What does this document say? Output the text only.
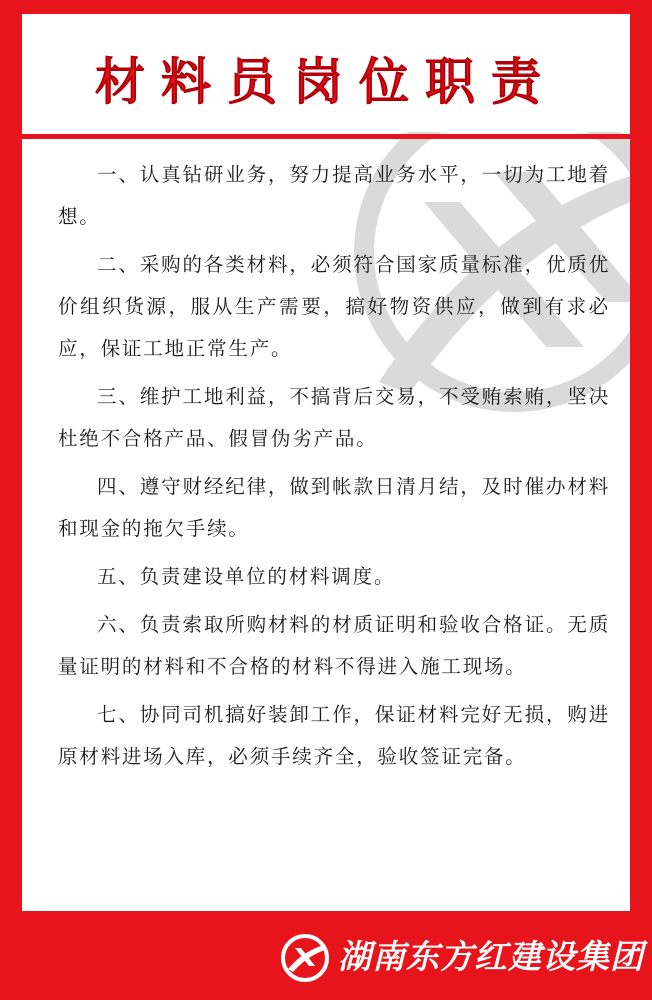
材料员岗位职责

一、认真钻研业务，努力提高业务水平，一切为工地着想。

二、采购的各类材料，必须符合国家质量标准，优质优价组织货源，服从生产需要，搞好物资供应，做到有求必应，保证工地正常生产。

三、维护工地利益，不搞背后交易，不受贿索贿，坚决杜绝不合格产品、假冒伪劣产品。

四、遵守财经纪律，做到帐款日清月结，及时催办材料和现金的拖欠手续。

五、负责建设单位的材料调度。

六、负责索取所购材料的材质证明和验收合格证。无质量证明的材料和不合格的材料不得进入施工现场。

七、协同司机搞好装卸工作，保证材料完好无损，购进原材料进场入库，必须手续齐全，验收签证完备。

湖南东方红建设集团
